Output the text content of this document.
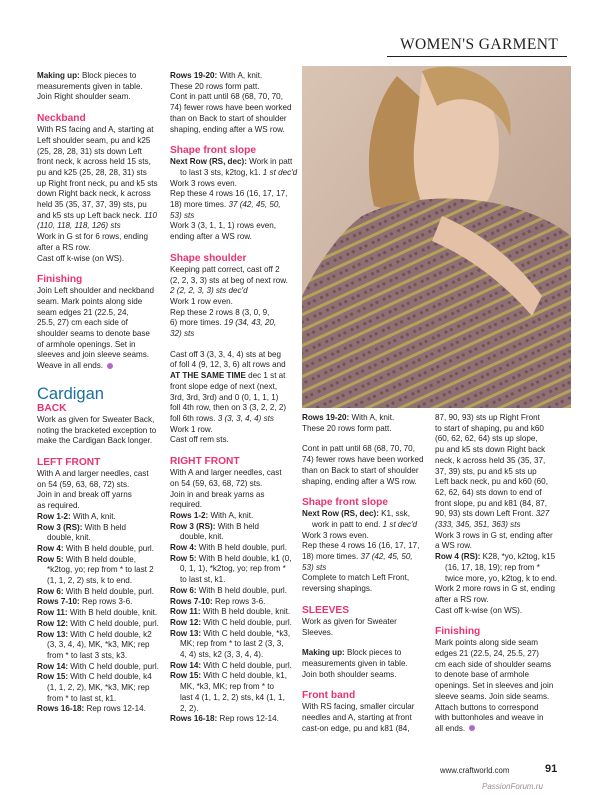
WOMEN'S GARMENT

Making up: Block pieces to

measurements given in table.

Join Right shoulder seam.

Neckband

With RS facing and A, starting at

Left shoulder seam, pu and k25

(25, 28, 28, 31) sts down Left

front neck, k across held 15 sts,

pu and k25 (25, 28, 28, 31) sts

up Right front neck, pu and k5 sts

down Right back neck, k across

held 35 (35, 37, 37, 39) sts, pu

and k5 sts up Left back neck. 110

(110, 118, 118, 126) sts

Work in G st for 6 rows, ending

after a RS row.

Cast off k-wise (on WS).

Finishing

Join Left shoulder and neckband

seam. Mark points along side

seam edges 21 (22.5, 24,

25.5, 27) cm each side of

shoulder seams to denote base

of armhole openings. Set in

sleeves and join sleeve seams.

Weave in all ends.

Cardigan

BACK

Work as given for Sweater Back,

noting the bracketed exception to

make the Cardigan Back longer.

LEFT FRONT

With A and larger needles, cast

on 54 (59, 63, 68, 72) sts.

Join in and break off yarns

as required.

Row 1-2: With A, knit.

Row 3 (RS): With B held

double, knit.

Row 4: With B held double, purl.

Row 5: With B held double,

*k2tog, yo; rep from * to last 2

(1, 1, 2, 2) sts, k to end.

Row 6: With B held double, purl.

Rows 7-10: Rep rows 3-6.

Row 11: With B held double, knit.

Row 12: With C held double, purl.

Row 13: With C held double, k2

(3, 3, 4, 4), MK, *k3, MK; rep

from * to last 3 sts, k3.

Row 14: With C held double, purl.

Row 15: With C held double, k4

(1, 1, 2, 2), MK, *k3, MK; rep

from * to last st, k1.

Rows 16-18: Rep rows 12-14.

Rows 19-20: With A, knit.

These 20 rows form patt.

Cont in patt until 68 (68, 70, 70,

74) fewer rows have been worked

than on Back to start of shoulder

shaping, ending after a WS row.

Shape front slope

Next Row (RS, dec): Work in patt

to last 3 sts, k2tog, k1. 1 st dec'd

Work 3 rows even.

Rep these 4 rows 16 (16, 17, 17,

18) more times. 37 (42, 45, 50,

53) sts

Work 3 (3, 1, 1, 1) rows even,

ending after a WS row.

Shape shoulder

Keeping patt correct, cast off 2

(2, 2, 3, 3) sts at beg of next row.

2 (2, 2, 3, 3) sts dec'd

Work 1 row even.

Rep these 2 rows 8 (3, 0, 9,

6) more times. 19 (34, 43, 20,

32) sts

Cast off 3 (3, 3, 4, 4) sts at beg

of foll 4 (9, 12, 3, 6) alt rows and

AT THE SAME TIME dec 1 st at

front slope edge of next (next,

3rd, 3rd, 3rd) and 0 (0, 1, 1, 1)

foll 4th row, then on 3 (3, 2, 2, 2)

foll 6th rows. 3 (3, 3, 4, 4) sts

Work 1 row.

Cast off rem sts.

RIGHT FRONT

With A and larger needles, cast

on 54 (59, 63, 68, 72) sts.

Join in and break yarns as required.

Rows 1-2: With A, knit.

Row 3 (RS): With B held

double, knit.

Row 4: With B held double, purl.

Row 5: With B held double, k1 (0,

0, 1, 1), *k2tog, yo; rep from *

to last st, k1.

Row 6: With B held double, purl.

Rows 7-10: Rep rows 3-6.

Row 11: With B held double, knit.

Row 12: With C held double, purl.

Row 13: With C held double, *k3,

MK; rep from * to last 2 (3, 3,

4, 4) sts, k2 (3, 3, 4, 4).

Row 14: With C held double, purl.

Row 15: With C held double, k1,

MK, *k3, MK; rep from * to

last 4 (1, 1, 2, 2) sts, k4 (1, 1,

2, 2).

Rows 16-18: Rep rows 12-14.

Rows 19-20: With A, knit.

These 20 rows form patt.

Cont in patt until 68 (68, 70, 70,

74) fewer rows have been worked

than on Back to start of shoulder

shaping, ending after a WS row.

Shape front slope

Next Row (RS, dec): K1, ssk,

work in patt to end. 1 st dec'd

Work 3 rows even.

Rep these 4 rows 16 (16, 17, 17,

18) more times. 37 (42, 45, 50,

53) sts

Complete to match Left Front,

reversing shapings.

SLEEVES

Work as given for Sweater

Sleeves.

Making up: Block pieces to

measurements given in table.

Join both shoulder seams.

Front band

With RS facing, smaller circular

needles and A, starting at front

cast-on edge, pu and k81 (84,

87, 90, 93) sts up Right Front

to start of shaping, pu and k60

(60, 62, 62, 64) sts up slope,

pu and k5 sts down Right back

neck, k across held 35 (35, 37,

37, 39) sts, pu and k5 sts up

Left back neck, pu and k60 (60,

62, 62, 64) sts down to end of

front slope, pu and k81 (84, 87,

90, 93) sts down Left Front. 327

(333, 345, 351, 363) sts

Work 3 rows in G st, ending after

a WS row.

Row 4 (RS): K28, *yo, k2tog, k15

(16, 17, 18, 19); rep from *

twice more, yo, k2tog, k to end.

Work 2 more rows in G st, ending

after a RS row.

Cast off k-wise (on WS).

Finishing

Mark points along side seam

edges 21 (22.5, 24, 25.5, 27)

cm each side of shoulder seams

to denote base of armhole

openings. Set in sleeves and join

sleeve seams. Join side seams.

Attach buttons to correspond

with buttonholes and weave in

all ends.

www.craftworld.com	91
PassionForum.ru
